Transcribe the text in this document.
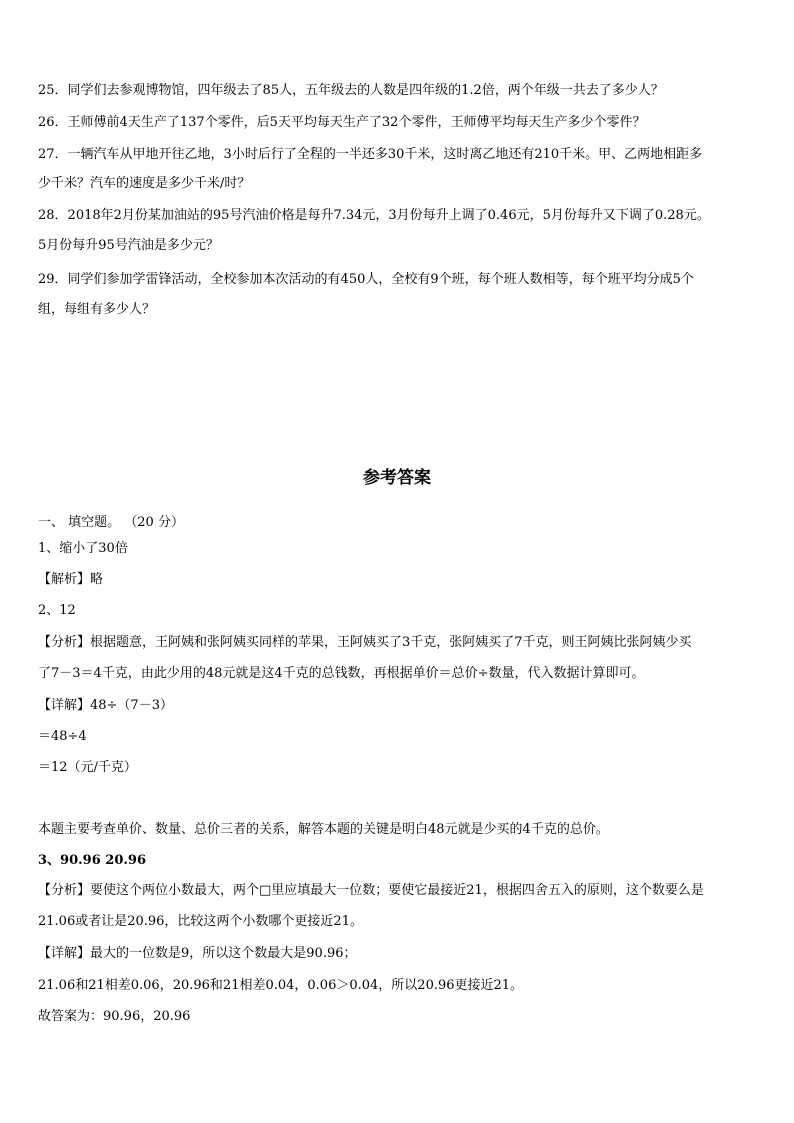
25．同学们去参观博物馆，四年级去了85人，五年级去的人数是四年级的1.2倍，两个年级一共去了多少人？
26．王师傅前4天生产了137个零件，后5天平均每天生产了32个零件，王师傅平均每天生产多少个零件？
27．一辆汽车从甲地开往乙地，3小时后行了全程的一半还多30千米，这时离乙地还有210千米。甲、乙两地相距多
少千米？汽车的速度是多少千米/时？
28．2018年2月份某加油站的95号汽油价格是每升7.34元，3月份每升上调了0.46元，5月份每升又下调了0.28元。
5月份每升95号汽油是多少元？
29．同学们参加学雷锋活动，全校参加本次活动的有450人，全校有9个班，每个班人数相等，每个班平均分成5个
组，每组有多少人？
参考答案
一、 填空题。 （20 分）
1、缩小了30倍
【解析】略
2、12
【分析】根据题意，王阿姨和张阿姨买同样的苹果，王阿姨买了3千克，张阿姨买了7千克，则王阿姨比张阿姨少买
了7－3＝4千克，由此少用的48元就是这4千克的总钱数，再根据单价＝总价÷数量，代入数据计算即可。
【详解】48÷（7－3）
＝48÷4
＝12（元/千克）
本题主要考查单价、数量、总价三者的关系，解答本题的关键是明白48元就是少买的4千克的总价。
3、90.96 20.96
【分析】要使这个两位小数最大，两个□里应填最大一位数；要使它最接近21，根据四舍五入的原则，这个数要么是
21.06或者让是20.96，比较这两个小数哪个更接近21。
【详解】最大的一位数是9，所以这个数最大是90.96；
21.06和21相差0.06，20.96和21相差0.04，0.06＞0.04，所以20.96更接近21。
故答案为：90.96，20.96
